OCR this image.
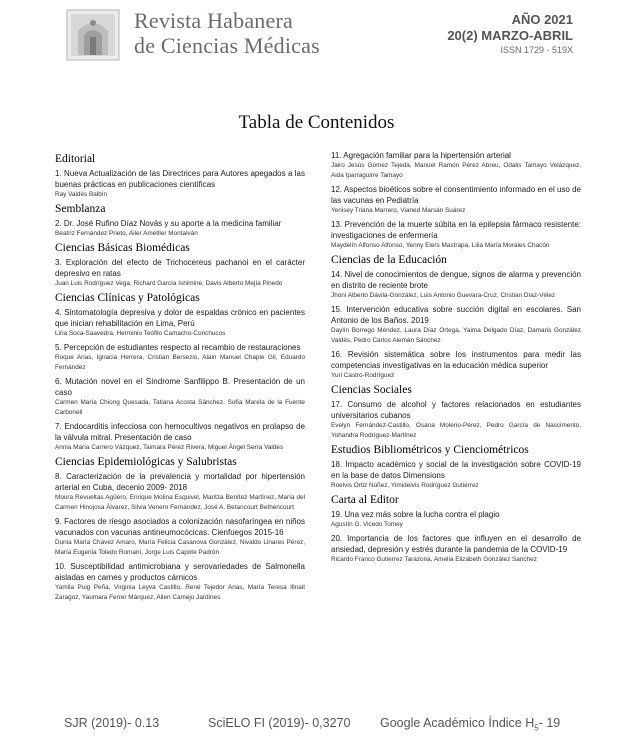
Revista Habanera
de Ciencias Médicas
AÑO 2021
20(2) MARZO-ABRIL
ISSN 1729 - 519X
Tabla de Contenidos
Editorial
1. Nueva Actualización de las Directrices para Autores apegados a las buenas prácticas en publicaciones científicas
Ray Valdés Balbín
Semblanza
2. Dr. José Rufino Díaz Novás y su aporte a la medicina familiar
Beatriz Fernández Prieto, Ailer Ametller Montalván
Ciencias Básicas Biomédicas
3. Exploración del efecto de Trichocereus pachanoi en el carácter depresivo en ratas
Juan Luis Rodríguez Vega, Richard García Ishimine, Davis Alberto Mejía Pinedo
Ciencias Clínicas y Patológicas
4. Sintomatología depresiva y dolor de espaldas crónico en pacientes que inician rehabilitación en Lima, Perú
Liria Soca-Saavedra, Herminio Teófilo Camacho-Conchucos
5. Percepción de estudiantes respecto al recambio de restauraciones
Roque Arias, Ignacia Herrera, Cristian Bersezio, Alain Manuel Chaple Gil, Eduardo Fernández
6. Mutación novel en el Síndrome Sanfilippo B. Presentación de un caso
Carmen María Chiong Quesada, Tatiana Acosta Sánchez, Sofía Marela de la Fuente Carbonell
7. Endocarditis infecciosa con hemocultivos negativos en prolapso de la válvula mitral. Presentación de caso
Annia María Carrero Vázquez, Taimara Pérez Rivera, Miguel Ángel Serra Valdes
Ciencias Epidemiológicas y Salubristas
8. Caracterización de la prevalencia y mortalidad por hipertensión arterial en Cuba, decenio 2009- 2018
Moura Revueltas Agüero, Enrique Molina Esquivel, Maritza Benítez Martínez, María del Carmen Hinojosa Álvarez, Silvia Venero Fernández, José A. Betancourt Bethencourt
9. Factores de riesgo asociados a colonización nasofaríngea en niños vacunados con vacunas antineumocócicas. Cienfuegos 2015-16
Dunia María Chávez Amaro, María Felicia Casanova González, Nivaldo Linares Pérez, María Eugenia Toledo Romaní, Jorge Luis Capote Padrón
10. Susceptibilidad antimicrobiana y serovariedades de Salmonella aisladas en carnes y productos cárnicos
Yamila Puig Peña, Virginia Leyva Castillo, René Tejedor Arias, María Teresa Illnait Zaragoz, Yaumara Ferrer Márquez, Ailen Camejo Jardines
11. Agregación familiar para la hipertensión arterial
Jairo Jesús Gómez Tejeda, Manuel Ramón Pérez Abreu, Odalis Tamayo Velázquez, Aida Iparraguirre Tamayo
12. Aspectos bioéticos sobre el consentimiento informado en el uso de las vacunas en Pediatría
Yenisey Triana Marrero, Vianed Marsán Suárez
13. Prevención de la muerte súbita en la epilepsia fármaco resistente: investigaciones de enfermería
Maydelín Alfonso Alfonso, Yenny Elers Mastrapa, Lilia María Morales Chacón
Ciencias de la Educación
14. Nivel de conocimientos de dengue, signos de alarma y prevención en distrito de reciente brote
Jhoni Alberto Dávila-González, Luis Antonio Guevara-Cruz, Cristian Díaz-Vélez
15. Intervención educativa sobre succión digital en escolares. San Antonio de los Baños. 2019
Daylín Borrego Méndez, Laura Díaz Ortega, Yaima Delgado Díaz, Damaris González Valdés, Pedro Carlos Alemán Sánchez
16. Revisión sistemática sobre los instrumentos para medir las competencias investigativas en la educación médica superior
Yuri Castro-Rodríguez
Ciencias Sociales
17. Consumo de alcohol y factores relacionados en estudiantes universitarios cubanos
Evelyn Fernández-Castillo, Osana Molerio-Pérez, Pedro García de Nascimento, Yohandra Rodríguez-Martínez
Estudios Bibliométricos y Cienciométricos
18. Impacto académico y social de la investigación sobre COVID-19 en la base de datos Dimensions
Roelvis Ortiz Núñez, Yimideivis Rodríguez Gutiérrez
Carta al Editor
19. Una vez más sobre la lucha contra el plagio
Agustín G. Vicedo Tomey
20. Importancia de los factores que influyen en el desarrollo de ansiedad, depresión y estrés durante la pandemia de la COVID-19
Ricardo Franco Gutierrez Tarazona, Amelia Elizabeth González Sanchez
SJR (2019)- 0.13	SciELO FI (2019)- 0,3270 Google Académico Índice $H_5-$ 19
